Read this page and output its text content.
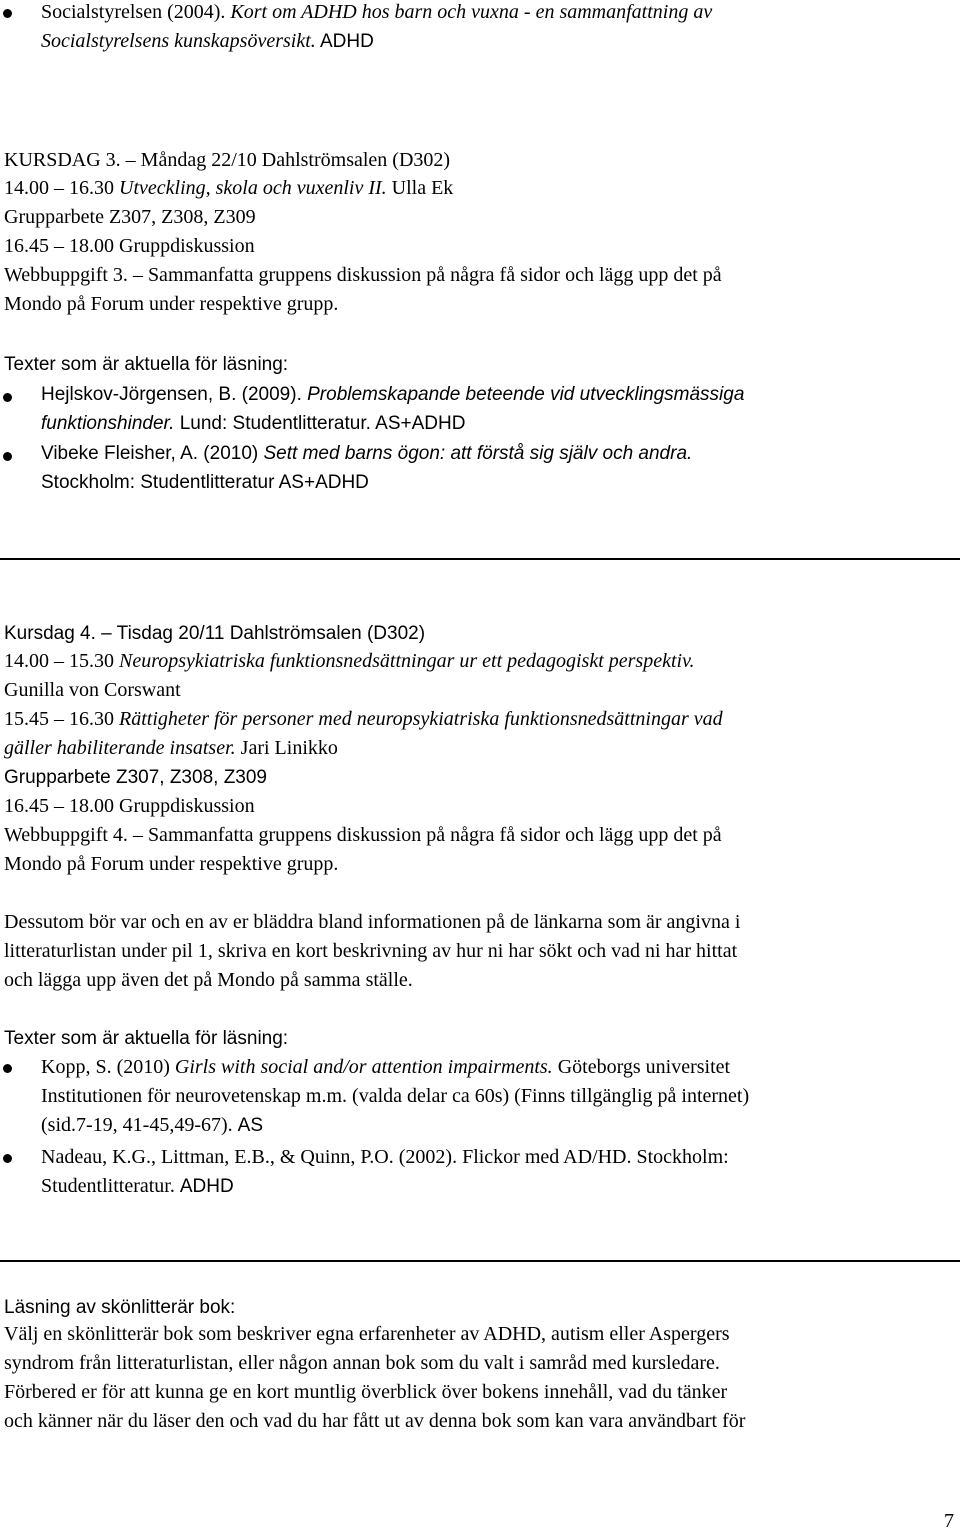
Socialstyrelsen (2004). Kort om ADHD hos barn och vuxna - en sammanfattning av
Socialstyrelsens kunskapsöversikt. ADHD
KURSDAG 3. – Måndag 22/10 Dahlströmsalen (D302)
14.00 – 16.30 Utveckling, skola och vuxenliv II. Ulla Ek
Grupparbete Z307, Z308, Z309
16.45 – 18.00 Gruppdiskussion
Webbuppgift 3. – Sammanfatta gruppens diskussion på några få sidor och lägg upp det på
Mondo på Forum under respektive grupp.
Texter som är aktuella för läsning:
Hejlskov-Jörgensen, B. (2009). Problemskapande beteende vid utvecklingsmässiga
funktionshinder. Lund: Studentlitteratur. AS+ADHD
Vibeke Fleisher, A. (2010) Sett med barns ögon: att förstå sig själv och andra.
Stockholm: Studentlitteratur AS+ADHD
Kursdag 4. – Tisdag 20/11 Dahlströmsalen (D302)
14.00 – 15.30 Neuropsykiatriska funktionsnedsättningar ur ett pedagogiskt perspektiv.
Gunilla von Corswant
15.45 – 16.30 Rättigheter för personer med neuropsykiatriska funktionsnedsättningar vad
gäller habiliterande insatser. Jari Linikko
Grupparbete Z307, Z308, Z309
16.45 – 18.00 Gruppdiskussion
Webbuppgift 4. – Sammanfatta gruppens diskussion på några få sidor och lägg upp det på
Mondo på Forum under respektive grupp.
Dessutom bör var och en av er bläddra bland informationen på de länkarna som är angivna i
litteraturlistan under pil 1, skriva en kort beskrivning av hur ni har sökt och vad ni har hittat
och lägga upp även det på Mondo på samma ställe.
Texter som är aktuella för läsning:
Kopp, S. (2010) Girls with social and/or attention impairments. Göteborgs universitet
Institutionen för neurovetenskap m.m. (valda delar ca 60s) (Finns tillgänglig på internet)
(sid.7-19, 41-45,49-67). AS
Nadeau, K.G., Littman, E.B., & Quinn, P.O. (2002). Flickor med AD/HD. Stockholm:
Studentlitteratur. ADHD
Läsning av skönlitterär bok:
Välj en skönlitterär bok som beskriver egna erfarenheter av ADHD, autism eller Aspergers
syndrom från litteraturlistan, eller någon annan bok som du valt i samråd med kursledare.
Förbered er för att kunna ge en kort muntlig överblick över bokens innehåll, vad du tänker
och känner när du läser den och vad du har fått ut av denna bok som kan vara användbart för
7
